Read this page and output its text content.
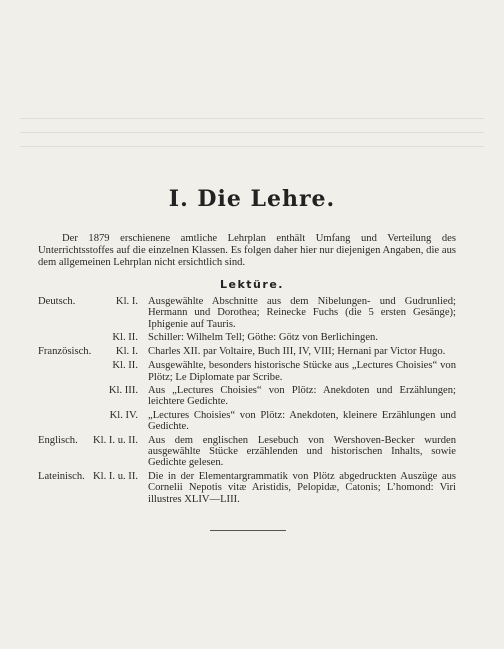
I. Die Lehre.

Der 1879 erschienene amtliche Lehrplan enthält Umfang und Verteilung des Unterrichtsstoffes auf die einzelnen Klassen. Es folgen daher hier nur diejenigen Angaben, die aus dem allgemeinen Lehrplan nicht ersichtlich sind.

Lektüre.
Deutsch.	Kl. I. Ausgewählte Abschnitte aus dem Nibelungen- und Gudrunlied; Hermann und Dorothea; Reinecke Fuchs (die 5 ersten Gesänge); Iphigenie auf Tauris.
Kl. II. Schiller: Wilhelm Tell; Göthe: Götz von Berlichingen.
Französisch.	Kl. I. Charles XII. par Voltaire, Buch III, IV, VIII; Hernani par Victor Hugo.
Kl. II. Ausgewählte, besonders historische Stücke aus „Lectures Choisies“ von Plötz; Le Diplomate par Scribe.
Kl. III. Aus „Lectures Choisies“ von Plötz: Anekdoten und Erzählungen; leichtere Gedichte.
Kl. IV. „Lectures Choisies“ von Plötz: Anekdoten, kleinere Erzählungen und Gedichte.
Englisch.	Kl. I. u. II. Aus dem englischen Lesebuch von Wershoven-Becker wurden ausgewählte Stücke erzählenden und historischen Inhalts, sowie Gedichte gelesen.
Lateinisch. Kl. I. u. II. Die in der Elementargrammatik von Plötz abgedruckten Auszüge aus Cornelii Nepotis vitæ Aristidis, Pelopidæ, Catonis; L’homond: Viri illustres XLIV—LIII.
